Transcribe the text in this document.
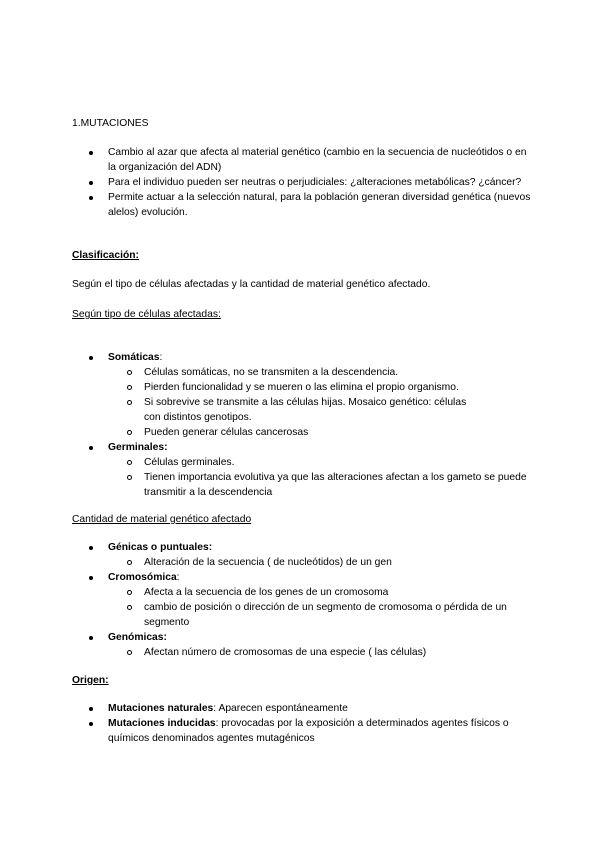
1.MUTACIONES
Cambio al azar que afecta al material genético (cambio en la secuencia de nucleótidos o en la organización del ADN)
Para el individuo pueden ser neutras o perjudiciales: ¿alteraciones metabólicas? ¿cáncer?
Permite actuar a la selección natural, para la población generan diversidad genética (nuevos alelos) evolución.
Clasificación:
Según el tipo de células afectadas y la cantidad de material genético afectado.
Según tipo de células afectadas:
Somáticas:
Células somáticas, no se transmiten a la descendencia.
Pierden funcionalidad y se mueren o las elimina el propio organismo.
Si sobrevive se transmite a las células hijas. Mosaico genético: células con distintos genotipos.
Pueden generar células cancerosas
Germinales:
Células germinales.
Tienen importancia evolutiva ya que las alteraciones afectan a los gameto se puede transmitir a la descendencia
Cantidad de material genético afectado
Génicas o puntuales:
Alteración de la secuencia ( de nucleótidos) de un gen
Cromosómica:
Afecta a la secuencia de los genes de un cromosoma
cambio de posición o dirección de un segmento de cromosoma o pérdida de un segmento
Genómicas:
Afectan número de cromosomas de una especie ( las células)
Origen:
Mutaciones naturales: Aparecen espontáneamente
Mutaciones inducidas: provocadas por la exposición a determinados agentes físicos o químicos denominados agentes mutagénicos
